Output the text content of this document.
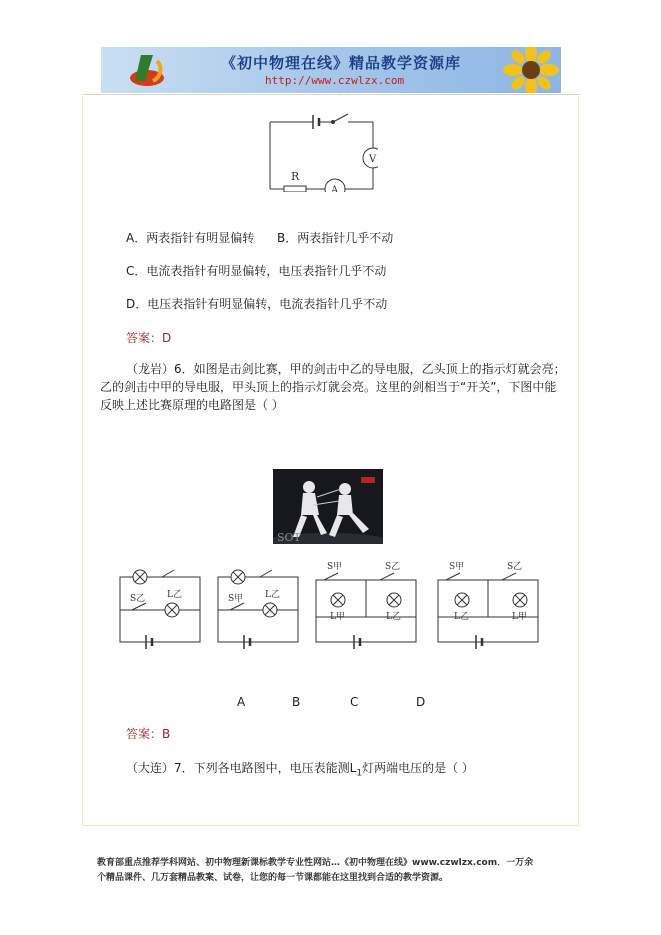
《初中物理在线》精品教学资源库
http://www.czwlzx.com
R
V
A
A．两表指针有明显偏转 B．两表指针几乎不动
C．电流表指针有明显偏转，电压表指针几乎不动
D．电压表指针有明显偏转，电流表指针几乎不动
答案：D
（龙岩）6．如图是击剑比赛，甲的剑击中乙的导电服，乙头顶上的指示灯就会亮；乙的剑击中甲的导电服，甲头顶上的指示灯就会亮。这里的剑相当于“开关”，下图中能反映上述比赛原理的电路图是（ ）
SOT
S乙 L乙	S甲 L乙
S甲	S乙
L甲	L乙
S甲	S乙
L乙	L甲
A	B	C	D
答案：B
（大连）7．下列各电路图中，电压表能测$L_1$灯两端电压的是（ ）
教育部重点推荐学科网站、初中物理新课标教学专业性网站…《初中物理在线》www.czwlzx.com．一万余
个精品课件、几万套精品教案、试卷，让您的每一节课都能在这里找到合适的教学资源。
